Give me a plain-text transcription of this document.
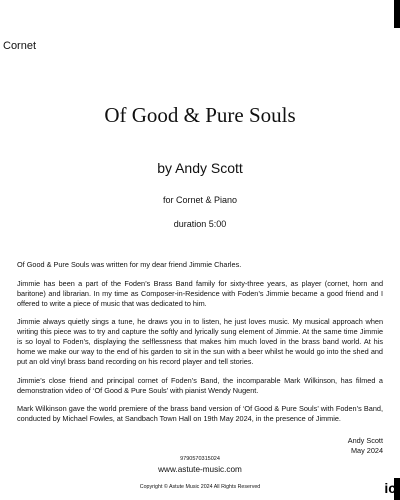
Cornet
Of Good & Pure Souls
by Andy Scott
for Cornet & Piano
duration 5:00

Of Good & Pure Souls was written for my dear friend Jimmie Charles.

Jimmie has been a part of the Foden’s Brass Band family for sixty-three years, as player (cornet, horn and baritone) and librarian. In my time as Composer-in-Residence with Foden’s Jimmie became a good friend and I offered to write a piece of music that was dedicated to him.

Jimmie always quietly sings a tune, he draws you in to listen, he just loves music. My musical approach when writing this piece was to try and capture the softly and lyrically sung element of Jimmie. At the same time Jimmie is so loyal to Foden’s, displaying the selflessness that makes him much loved in the brass band world. At his home we make our way to the end of his garden to sit in the sun with a beer whilst he would go into the shed and put an old vinyl brass band recording on his record player and tell stories.

Jimmie’s close friend and principal cornet of Foden’s Band, the incomparable Mark Wilkinson, has filmed a demonstration video of ‘Of Good & Pure Souls’ with pianist Wendy Nugent.

Mark Wilkinson gave the world premiere of the brass band version of ‘Of Good & Pure Souls’ with Foden’s Band, conducted by Michael Fowles, at Sandbach Town Hall on 19th May 2024, in the presence of Jimmie.

Andy Scott
May 2024
9790570315024
www.astute-music.com
Copyright © Astute Music 2024 All Rights Reserved	ic
